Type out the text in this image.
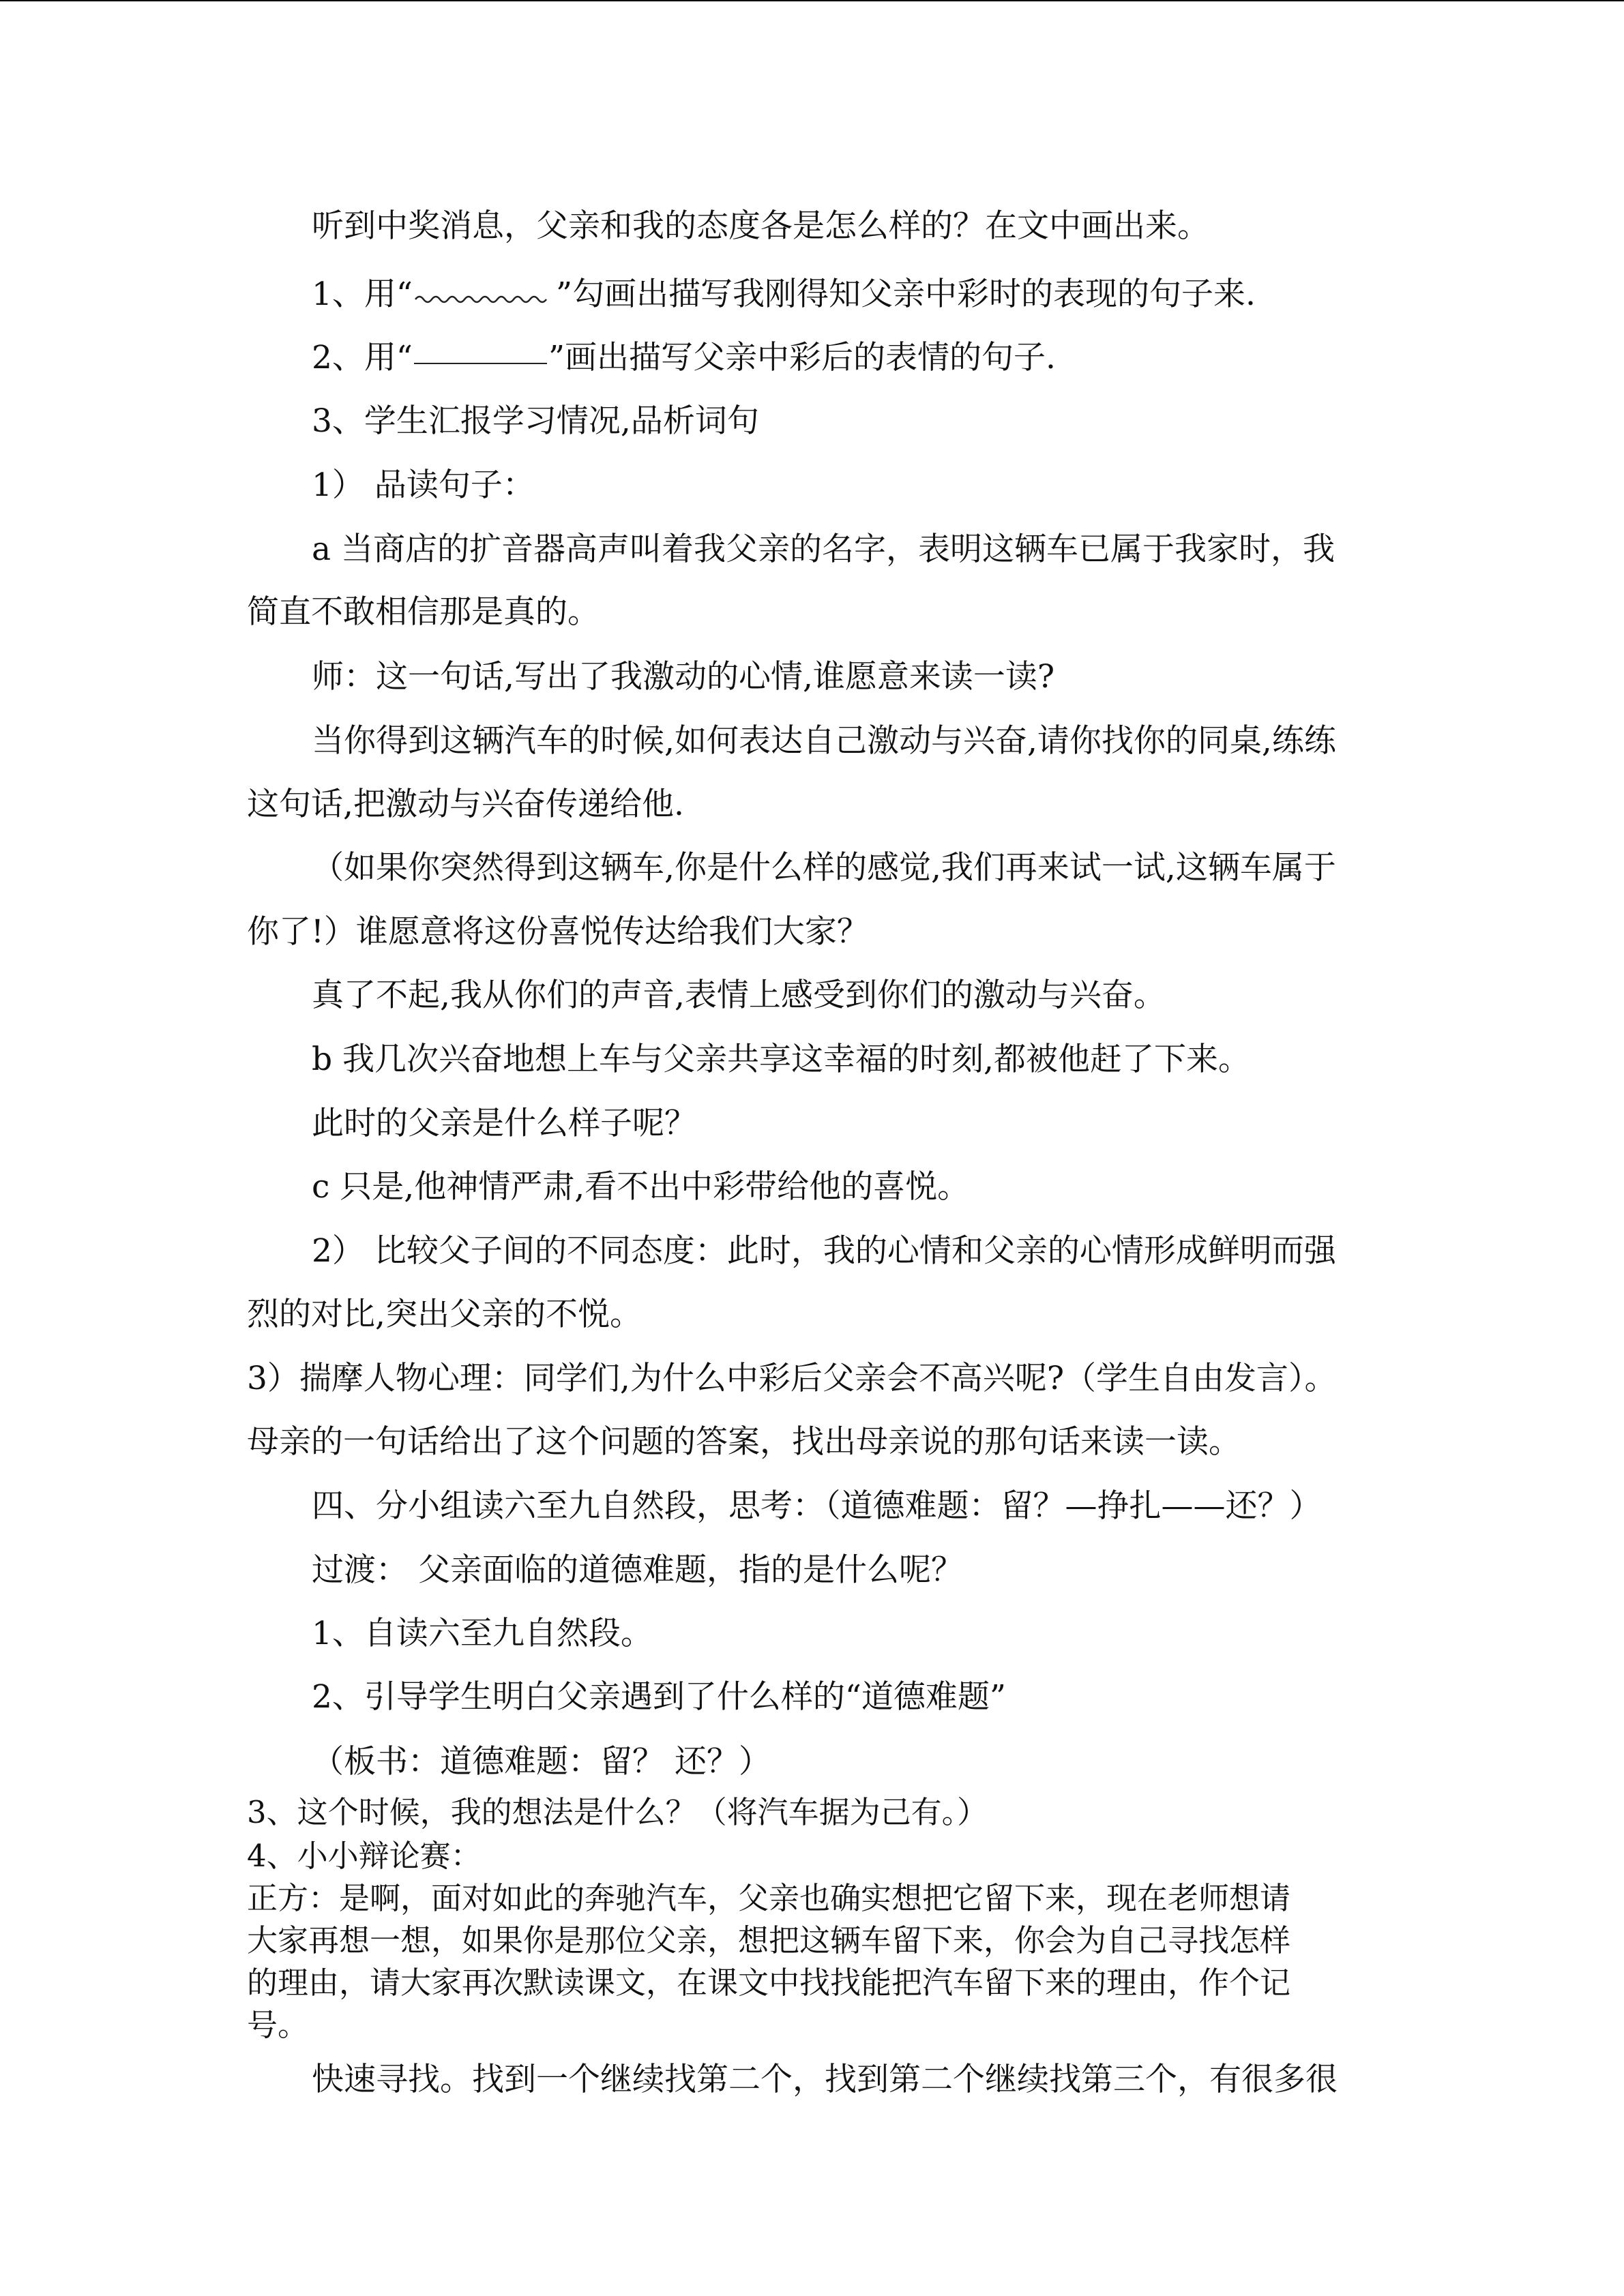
听到中奖消息，父亲和我的态度各是怎么样的？在文中画出来。
1、用“	”勾画出描写我刚得知父亲中彩时的表现的句子来.
2、用“	”画出描写父亲中彩后的表情的句子.
3、学生汇报学习情况,品析词句
1） 品读句子：
a 当商店的扩音器高声叫着我父亲的名字，表明这辆车已属于我家时，我
简直不敢相信那是真的。
师：这一句话,写出了我激动的心情,谁愿意来读一读?
当你得到这辆汽车的时候,如何表达自己激动与兴奋,请你找你的同桌,练练
这句话,把激动与兴奋传递给他.
（如果你突然得到这辆车,你是什么样的感觉,我们再来试一试,这辆车属于
你了!）谁愿意将这份喜悦传达给我们大家？
真了不起,我从你们的声音,表情上感受到你们的激动与兴奋。
b 我几次兴奋地想上车与父亲共享这幸福的时刻,都被他赶了下来。
此时的父亲是什么样子呢？
c 只是,他神情严肃,看不出中彩带给他的喜悦。
2） 比较父子间的不同态度：此时，我的心情和父亲的心情形成鲜明而强
烈的对比,突出父亲的不悦。
3）揣摩人物心理：同学们,为什么中彩后父亲会不高兴呢?（学生自由发言）。
母亲的一句话给出了这个问题的答案，找出母亲说的那句话来读一读。
四、分小组读六至九自然段，思考：（道德难题：留？—挣扎——还？）
过渡： 父亲面临的道德难题，指的是什么呢？
1、自读六至九自然段。
2、引导学生明白父亲遇到了什么样的“道德难题”
（板书：道德难题：留？ 还？）
3、这个时候，我的想法是什么？（将汽车据为己有。）
4、小小辩论赛：
正方：是啊，面对如此的奔驰汽车，父亲也确实想把它留下来，现在老师想请
大家再想一想，如果你是那位父亲，想把这辆车留下来，你会为自己寻找怎样
的理由，请大家再次默读课文，在课文中找找能把汽车留下来的理由，作个记
号。
快速寻找。找到一个继续找第二个，找到第二个继续找第三个，有很多很
